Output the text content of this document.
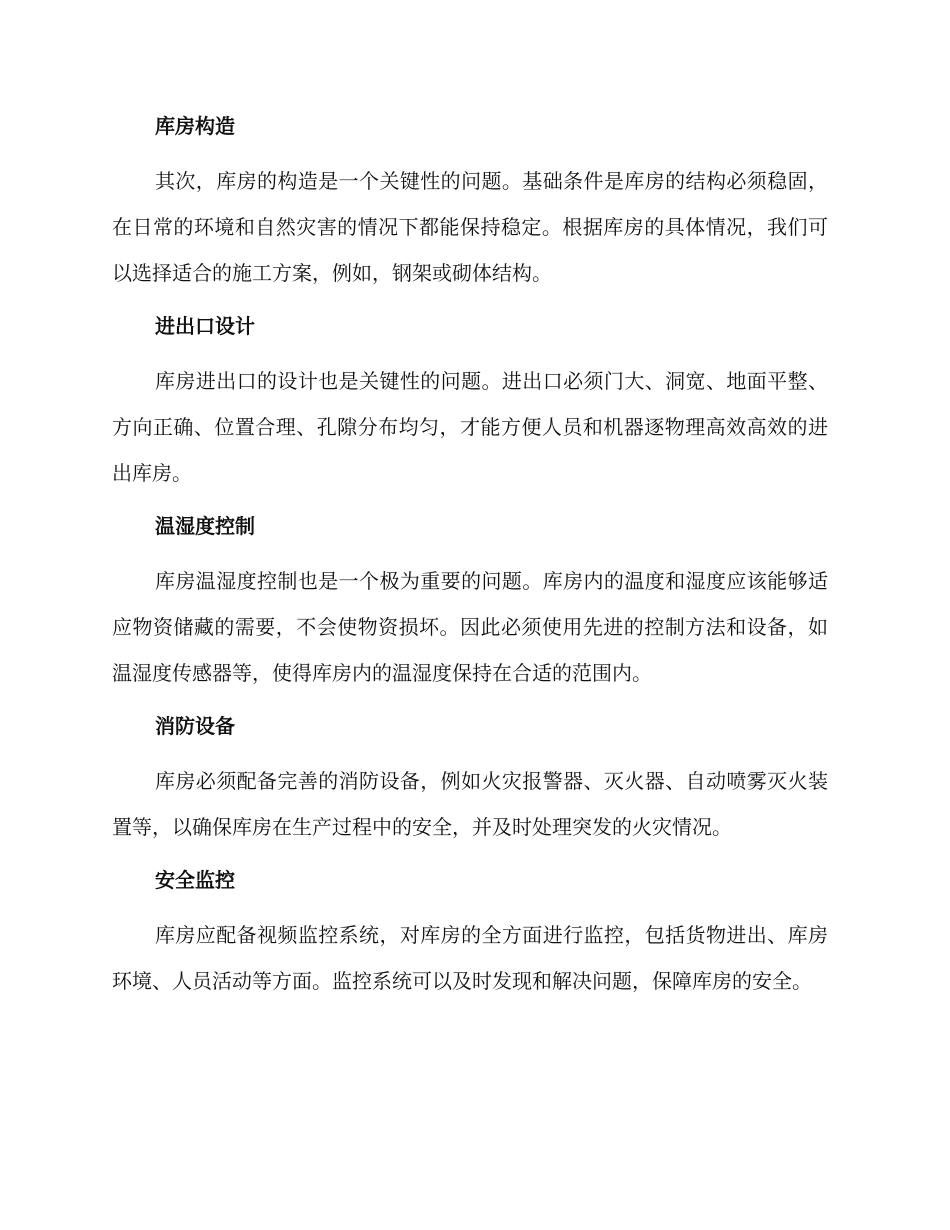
库房构造

其次，库房的构造是一个关键性的问题。基础条件是库房的结构必须稳固，在日常的环境和自然灾害的情况下都能保持稳定。根据库房的具体情况，我们可以选择适合的施工方案，例如，钢架或砌体结构。

进出口设计

库房进出口的设计也是关键性的问题。进出口必须门大、洞宽、地面平整、方向正确、位置合理、孔隙分布均匀，才能方便人员和机器逐物理高效高效的进出库房。

温湿度控制

库房温湿度控制也是一个极为重要的问题。库房内的温度和湿度应该能够适应物资储藏的需要，不会使物资损坏。因此必须使用先进的控制方法和设备，如温湿度传感器等，使得库房内的温湿度保持在合适的范围内。

消防设备

库房必须配备完善的消防设备，例如火灾报警器、灭火器、自动喷雾灭火装置等，以确保库房在生产过程中的安全，并及时处理突发的火灾情况。

安全监控

库房应配备视频监控系统，对库房的全方面进行监控，包括货物进出、库房环境、人员活动等方面。监控系统可以及时发现和解决问题，保障库房的安全。
